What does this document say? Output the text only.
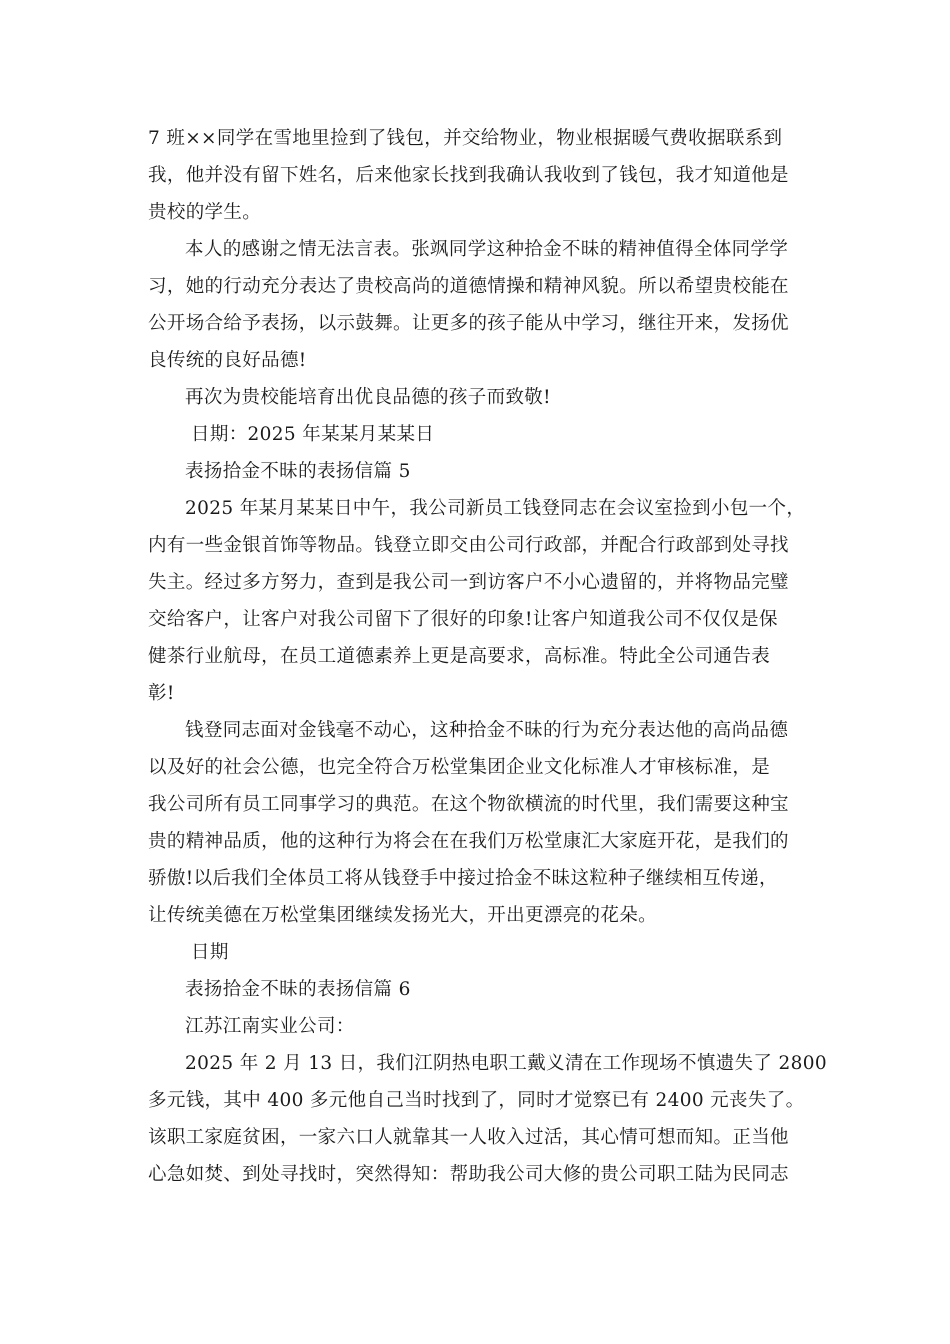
7 班××同学在雪地里捡到了钱包，并交给物业，物业根据暖气费收据联系到
我，他并没有留下姓名，后来他家长找到我确认我收到了钱包，我才知道他是
贵校的学生。
本人的感谢之情无法言表。张飒同学这种拾金不昧的精神值得全体同学学
习，她的行动充分表达了贵校高尚的道德情操和精神风貌。所以希望贵校能在
公开场合给予表扬，以示鼓舞。让更多的孩子能从中学习，继往开来，发扬优
良传统的良好品德!
再次为贵校能培育出优良品德的孩子而致敬!
日期：2025 年某某月某某日
表扬拾金不昧的表扬信篇 5
2025 年某月某某日中午，我公司新员工钱登同志在会议室捡到小包一个，
内有一些金银首饰等物品。钱登立即交由公司行政部，并配合行政部到处寻找
失主。经过多方努力，查到是我公司一到访客户不小心遗留的，并将物品完璧
交给客户，让客户对我公司留下了很好的印象!让客户知道我公司不仅仅是保
健茶行业航母，在员工道德素养上更是高要求，高标准。特此全公司通告表
彰!
钱登同志面对金钱毫不动心，这种拾金不昧的行为充分表达他的高尚品德
以及好的社会公德，也完全符合万松堂集团企业文化标准人才审核标准，是
我公司所有员工同事学习的典范。在这个物欲横流的时代里，我们需要这种宝
贵的精神品质，他的这种行为将会在在我们万松堂康汇大家庭开花，是我们的
骄傲!以后我们全体员工将从钱登手中接过拾金不昧这粒种子继续相互传递，
让传统美德在万松堂集团继续发扬光大，开出更漂亮的花朵。
日期
表扬拾金不昧的表扬信篇 6
江苏江南实业公司：
2025 年 2 月 13 日，我们江阴热电职工戴义清在工作现场不慎遗失了 2800
多元钱，其中 400 多元他自己当时找到了，同时才觉察已有 2400 元丧失了。
该职工家庭贫困，一家六口人就靠其一人收入过活，其心情可想而知。正当他
心急如焚、到处寻找时，突然得知：帮助我公司大修的贵公司职工陆为民同志
